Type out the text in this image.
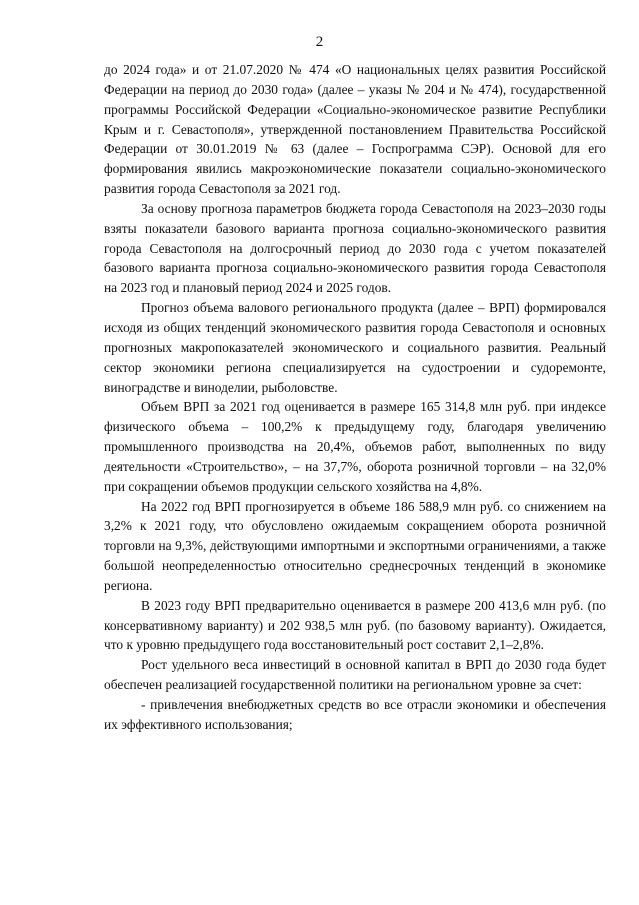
2

до 2024 года» и от 21.07.2020 № 474 «О национальных целях развития Российской Федерации на период до 2030 года» (далее – указы № 204 и № 474), государственной программы Российской Федерации «Социально-экономическое развитие Республики Крым и г. Севастополя», утвержденной постановлением Правительства Российской Федерации от 30.01.2019 № 63 (далее – Госпрограмма СЭР). Основой для его формирования явились макроэкономические показатели социально-экономического развития города Севастополя за 2021 год.

За основу прогноза параметров бюджета города Севастополя на 2023–2030 годы взяты показатели базового варианта прогноза социально-экономического развития города Севастополя на долгосрочный период до 2030 года с учетом показателей базового варианта прогноза социально-экономического развития города Севастополя на 2023 год и плановый период 2024 и 2025 годов.

Прогноз объема валового регионального продукта (далее – ВРП) формировался исходя из общих тенденций экономического развития города Севастополя и основных прогнозных макропоказателей экономического и социального развития. Реальный сектор экономики региона специализируется на судостроении и судоремонте, виноградстве и виноделии, рыболовстве.

Объем ВРП за 2021 год оценивается в размере 165 314,8 млн руб. при индексе физического объема – 100,2% к предыдущему году, благодаря увеличению промышленного производства на 20,4%, объемов работ, выполненных по виду деятельности «Строительство», – на 37,7%, оборота розничной торговли – на 32,0% при сокращении объемов продукции сельского хозяйства на 4,8%.

На 2022 год ВРП прогнозируется в объеме 186 588,9 млн руб. со снижением на 3,2% к 2021 году, что обусловлено ожидаемым сокращением оборота розничной торговли на 9,3%, действующими импортными и экспортными ограничениями, а также большой неопределенностью относительно среднесрочных тенденций в экономике региона.

В 2023 году ВРП предварительно оценивается в размере 200 413,6 млн руб. (по консервативному варианту) и 202 938,5 млн руб. (по базовому варианту). Ожидается, что к уровню предыдущего года восстановительный рост составит 2,1–2,8%.

Рост удельного веса инвестиций в основной капитал в ВРП до 2030 года будет обеспечен реализацией государственной политики на региональном уровне за счет:

- привлечения внебюджетных средств во все отрасли экономики и обеспечения их эффективного использования;
